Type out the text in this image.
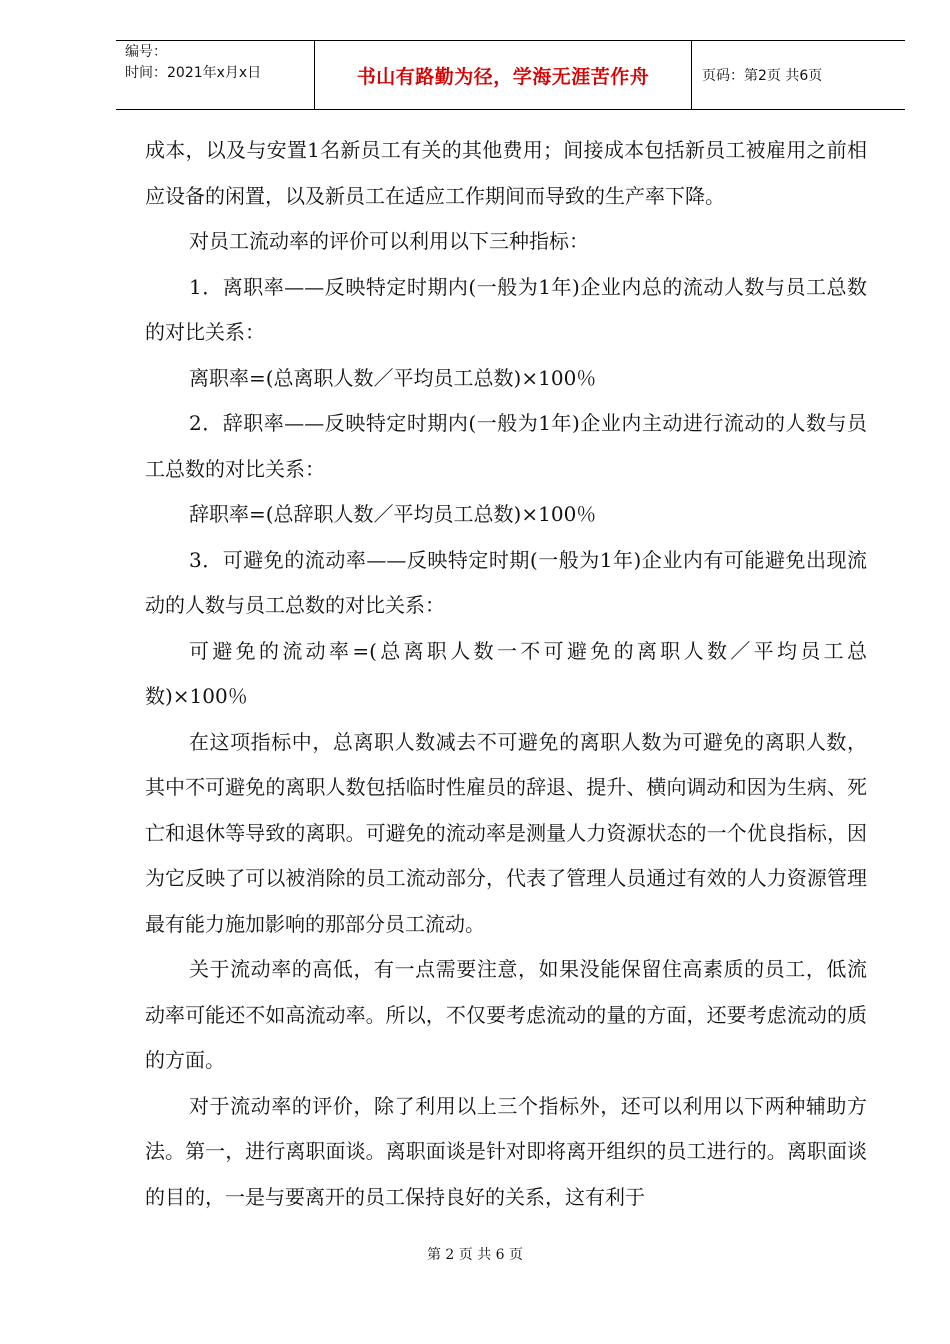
编号：
时间：2021年x月x日	书山有路勤为径，学海无涯苦作舟	页码：第2页 共6页

成本，以及与安置1名新员工有关的其他费用；间接成本包括新员工被雇用之前相应设备的闲置，以及新员工在适应工作期间而导致的生产率下降。

对员工流动率的评价可以利用以下三种指标：

1．离职率——反映特定时期内(一般为1年)企业内总的流动人数与员工总数的对比关系：

离职率=(总离职人数／平均员工总数)×100％

2．辞职率——反映特定时期内(一般为1年)企业内主动进行流动的人数与员工总数的对比关系：

辞职率=(总辞职人数／平均员工总数)×100％

3．可避免的流动率——反映特定时期(一般为1年)企业内有可能避免出现流动的人数与员工总数的对比关系：

可避免的流动率=(总离职人数一不可避免的离职人数／平均员工总数)×100％

在这项指标中，总离职人数减去不可避免的离职人数为可避免的离职人数，其中不可避免的离职人数包括临时性雇员的辞退、提升、横向调动和因为生病、死亡和退休等导致的离职。可避免的流动率是测量人力资源状态的一个优良指标，因为它反映了可以被消除的员工流动部分，代表了管理人员通过有效的人力资源管理最有能力施加影响的那部分员工流动。

关于流动率的高低，有一点需要注意，如果没能保留住高素质的员工，低流动率可能还不如高流动率。所以，不仅要考虑流动的量的方面，还要考虑流动的质的方面。

对于流动率的评价，除了利用以上三个指标外，还可以利用以下两种辅助方法。第一，进行离职面谈。离职面谈是针对即将离开组织的员工进行的。离职面谈的目的，一是与要离开的员工保持良好的关系，这有利于

第 2 页 共 6 页
